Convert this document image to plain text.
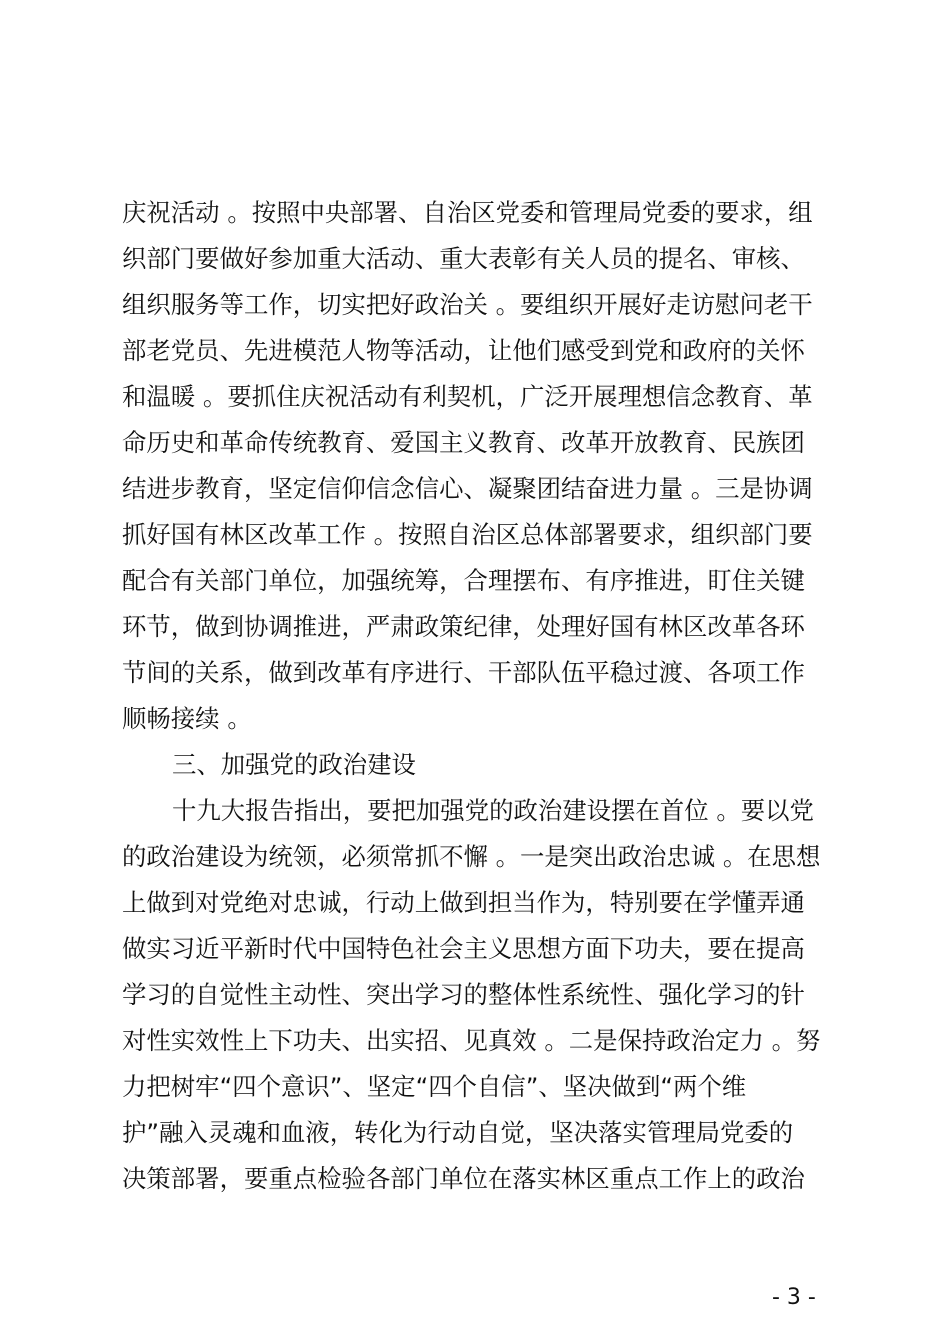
庆祝活动 。按照中央部署、自治区党委和管理局党委的要求，组
织部门要做好参加重大活动、重大表彰有关人员的提名、审核、
组织服务等工作，切实把好政治关 。要组织开展好走访慰问老干
部老党员、先进模范人物等活动，让他们感受到党和政府的关怀
和温暖 。要抓住庆祝活动有利契机，广泛开展理想信念教育、革
命历史和革命传统教育、爱国主义教育、改革开放教育、民族团
结进步教育，坚定信仰信念信心、凝聚团结奋进力量 。三是协调
抓好国有林区改革工作 。按照自治区总体部署要求，组织部门要
配合有关部门单位，加强统筹，合理摆布、有序推进，盯住关键
环节，做到协调推进，严肃政策纪律，处理好国有林区改革各环
节间的关系，做到改革有序进行、干部队伍平稳过渡、各项工作
顺畅接续 。
三、加强党的政治建设
十九大报告指出，要把加强党的政治建设摆在首位 。要以党
的政治建设为统领，必须常抓不懈 。一是突出政治忠诚 。在思想
上做到对党绝对忠诚，行动上做到担当作为，特别要在学懂弄通
做实习近平新时代中国特色社会主义思想方面下功夫，要在提高
学习的自觉性主动性、突出学习的整体性系统性、强化学习的针
对性实效性上下功夫、出实招、见真效 。二是保持政治定力 。努
力把树牢“四个意识”、坚定“四个自信”、坚决做到“两个维
护”融入灵魂和血液，转化为行动自觉，坚决落实管理局党委的
决策部署，要重点检验各部门单位在落实林区重点工作上的政治
- 3 -
